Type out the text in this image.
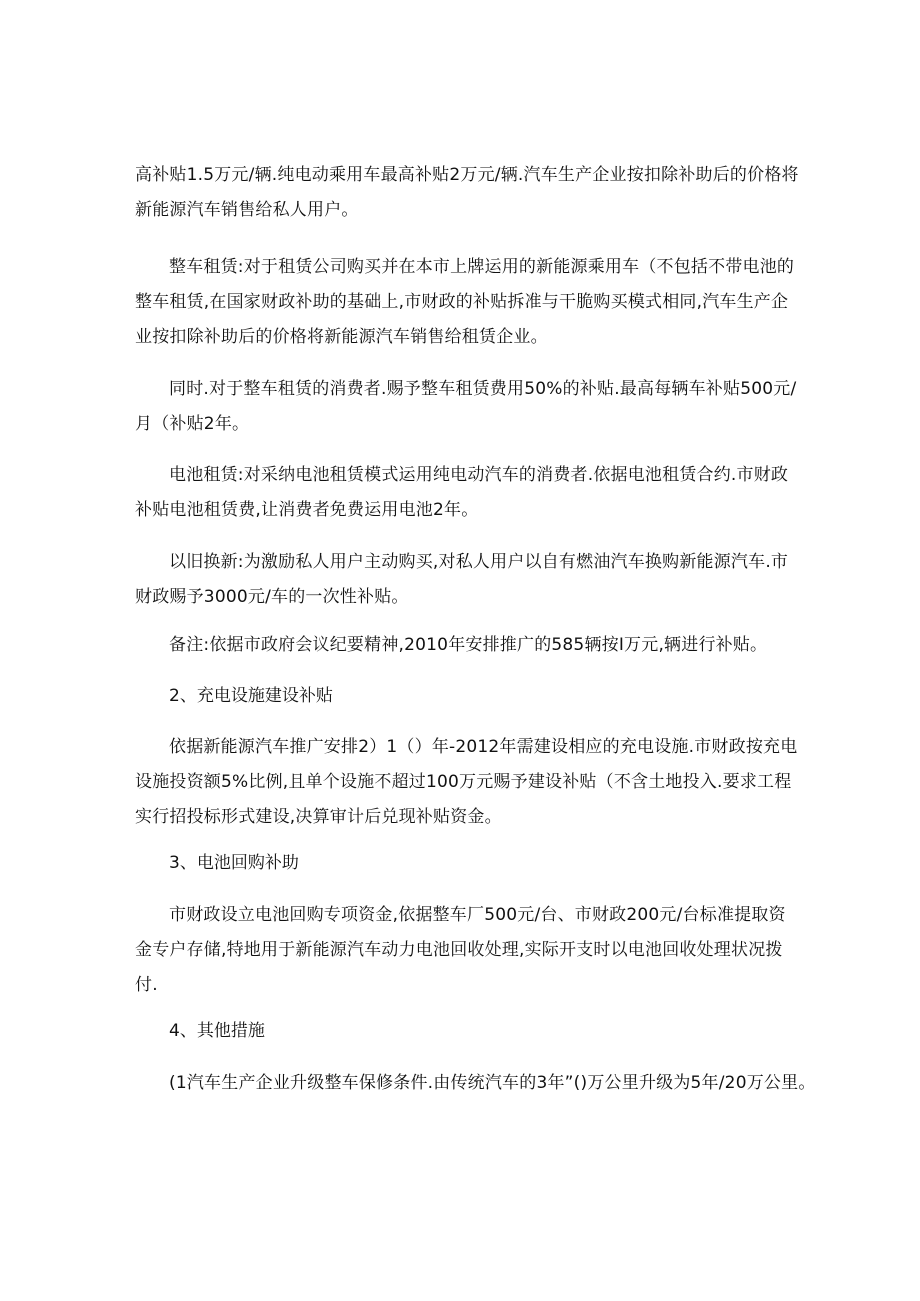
高补贴1.5万元/辆.纯电动乘用车最高补贴2万元/辆.汽车生产企业按扣除补助后的价格将
新能源汽车销售给私人用户。
整车租赁:对于租赁公司购买并在本市上牌运用的新能源乘用车（不包括不带电池的
整车租赁,在国家财政补助的基础上,市财政的补贴拆准与干脆购买模式相同,汽车生产企
业按扣除补助后的价格将新能源汽车销售给租赁企业。
同时.对于整车租赁的消费者.赐予整车租赁费用50%的补贴.最高每辆车补贴500元/
月（补贴2年。
电池租赁:对采纳电池租赁模式运用纯电动汽车的消费者.依据电池租赁合约.市财政
补贴电池租赁费,让消费者免费运用电池2年。
以旧换新:为激励私人用户主动购买,对私人用户以自有燃油汽车换购新能源汽车.市
财政赐予3000元/车的一次性补贴。
备注:依据市政府会议纪要精神,2010年安排推广的585辆按I万元,辆进行补贴。
2、充电设施建设补贴
依据新能源汽车推广安排2）1（）年-2012年需建设相应的充电设施.市财政按充电
设施投资额5%比例,且单个设施不超过100万元赐予建设补贴（不含土地投入.要求工程
实行招投标形式建设,决算审计后兑现补贴资金。
3、电池回购补助
市财政设立电池回购专项资金,依据整车厂500元/台、市财政200元/台标准提取资
金专户存储,特地用于新能源汽车动力电池回收处理,实际开支时以电池回收处理状况拨
付.
4、其他措施
(1汽车生产企业升级整车保修条件.由传统汽车的3年”()万公里升级为5年/20万公里。
